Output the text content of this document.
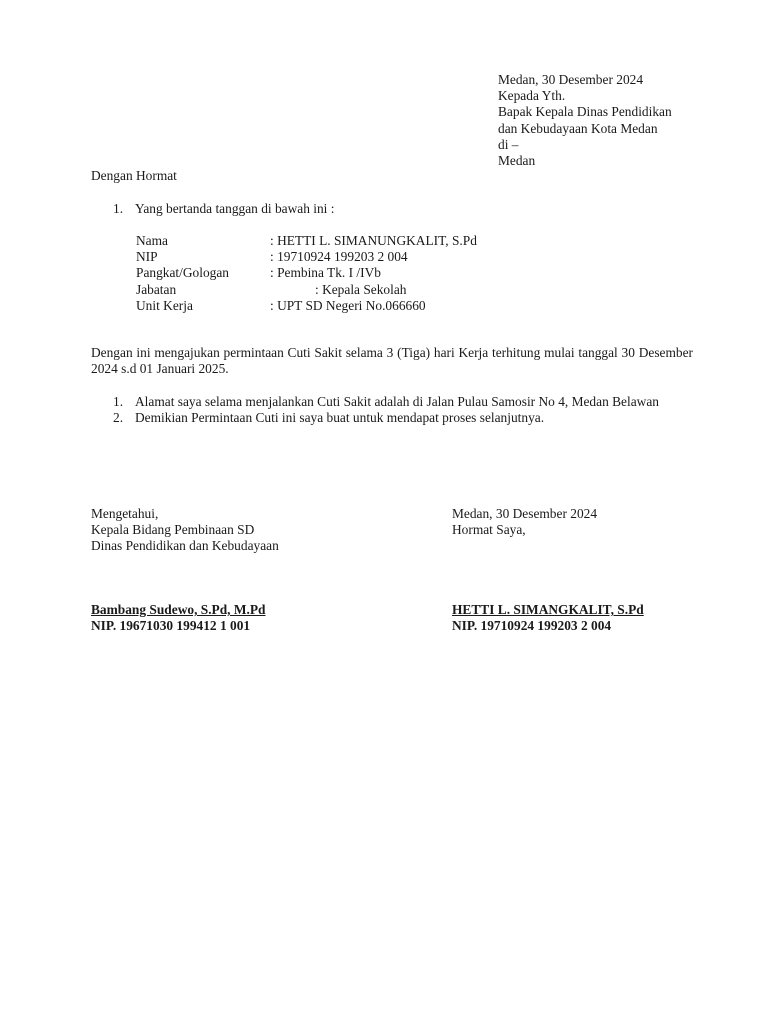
Medan, 30 Desember 2024
Kepada Yth.
Bapak Kepala Dinas Pendidikan
dan Kebudayaan Kota Medan
di –
Medan
Dengan Hormat
1. Yang bertanda tanggan di bawah ini :
Nama	: HETTI L. SIMANUNGKALIT, S.Pd
NIP	: 19710924 199203 2 004
Pangkat/Gologan	: Pembina Tk. I /IVb
Jabatan	: Kepala Sekolah
Unit Kerja	: UPT SD Negeri No.066660
Dengan ini mengajukan permintaan Cuti Sakit selama 3 (Tiga) hari Kerja terhitung mulai tanggal 30 Desember 2024 s.d 01 Januari 2025.
1. Alamat saya selama menjalankan Cuti Sakit adalah di Jalan Pulau Samosir No 4, Medan Belawan
2. Demikian Permintaan Cuti ini saya buat untuk mendapat proses selanjutnya.
Mengetahui,
Kepala Bidang Pembinaan SD
Dinas Pendidikan dan Kebudayaan
Medan, 30 Desember 2024
Hormat Saya,
Bambang Sudewo, S.Pd, M.Pd
NIP. 19671030 199412 1 001
HETTI L. SIMANGKALIT, S.Pd
NIP. 19710924 199203 2 004
